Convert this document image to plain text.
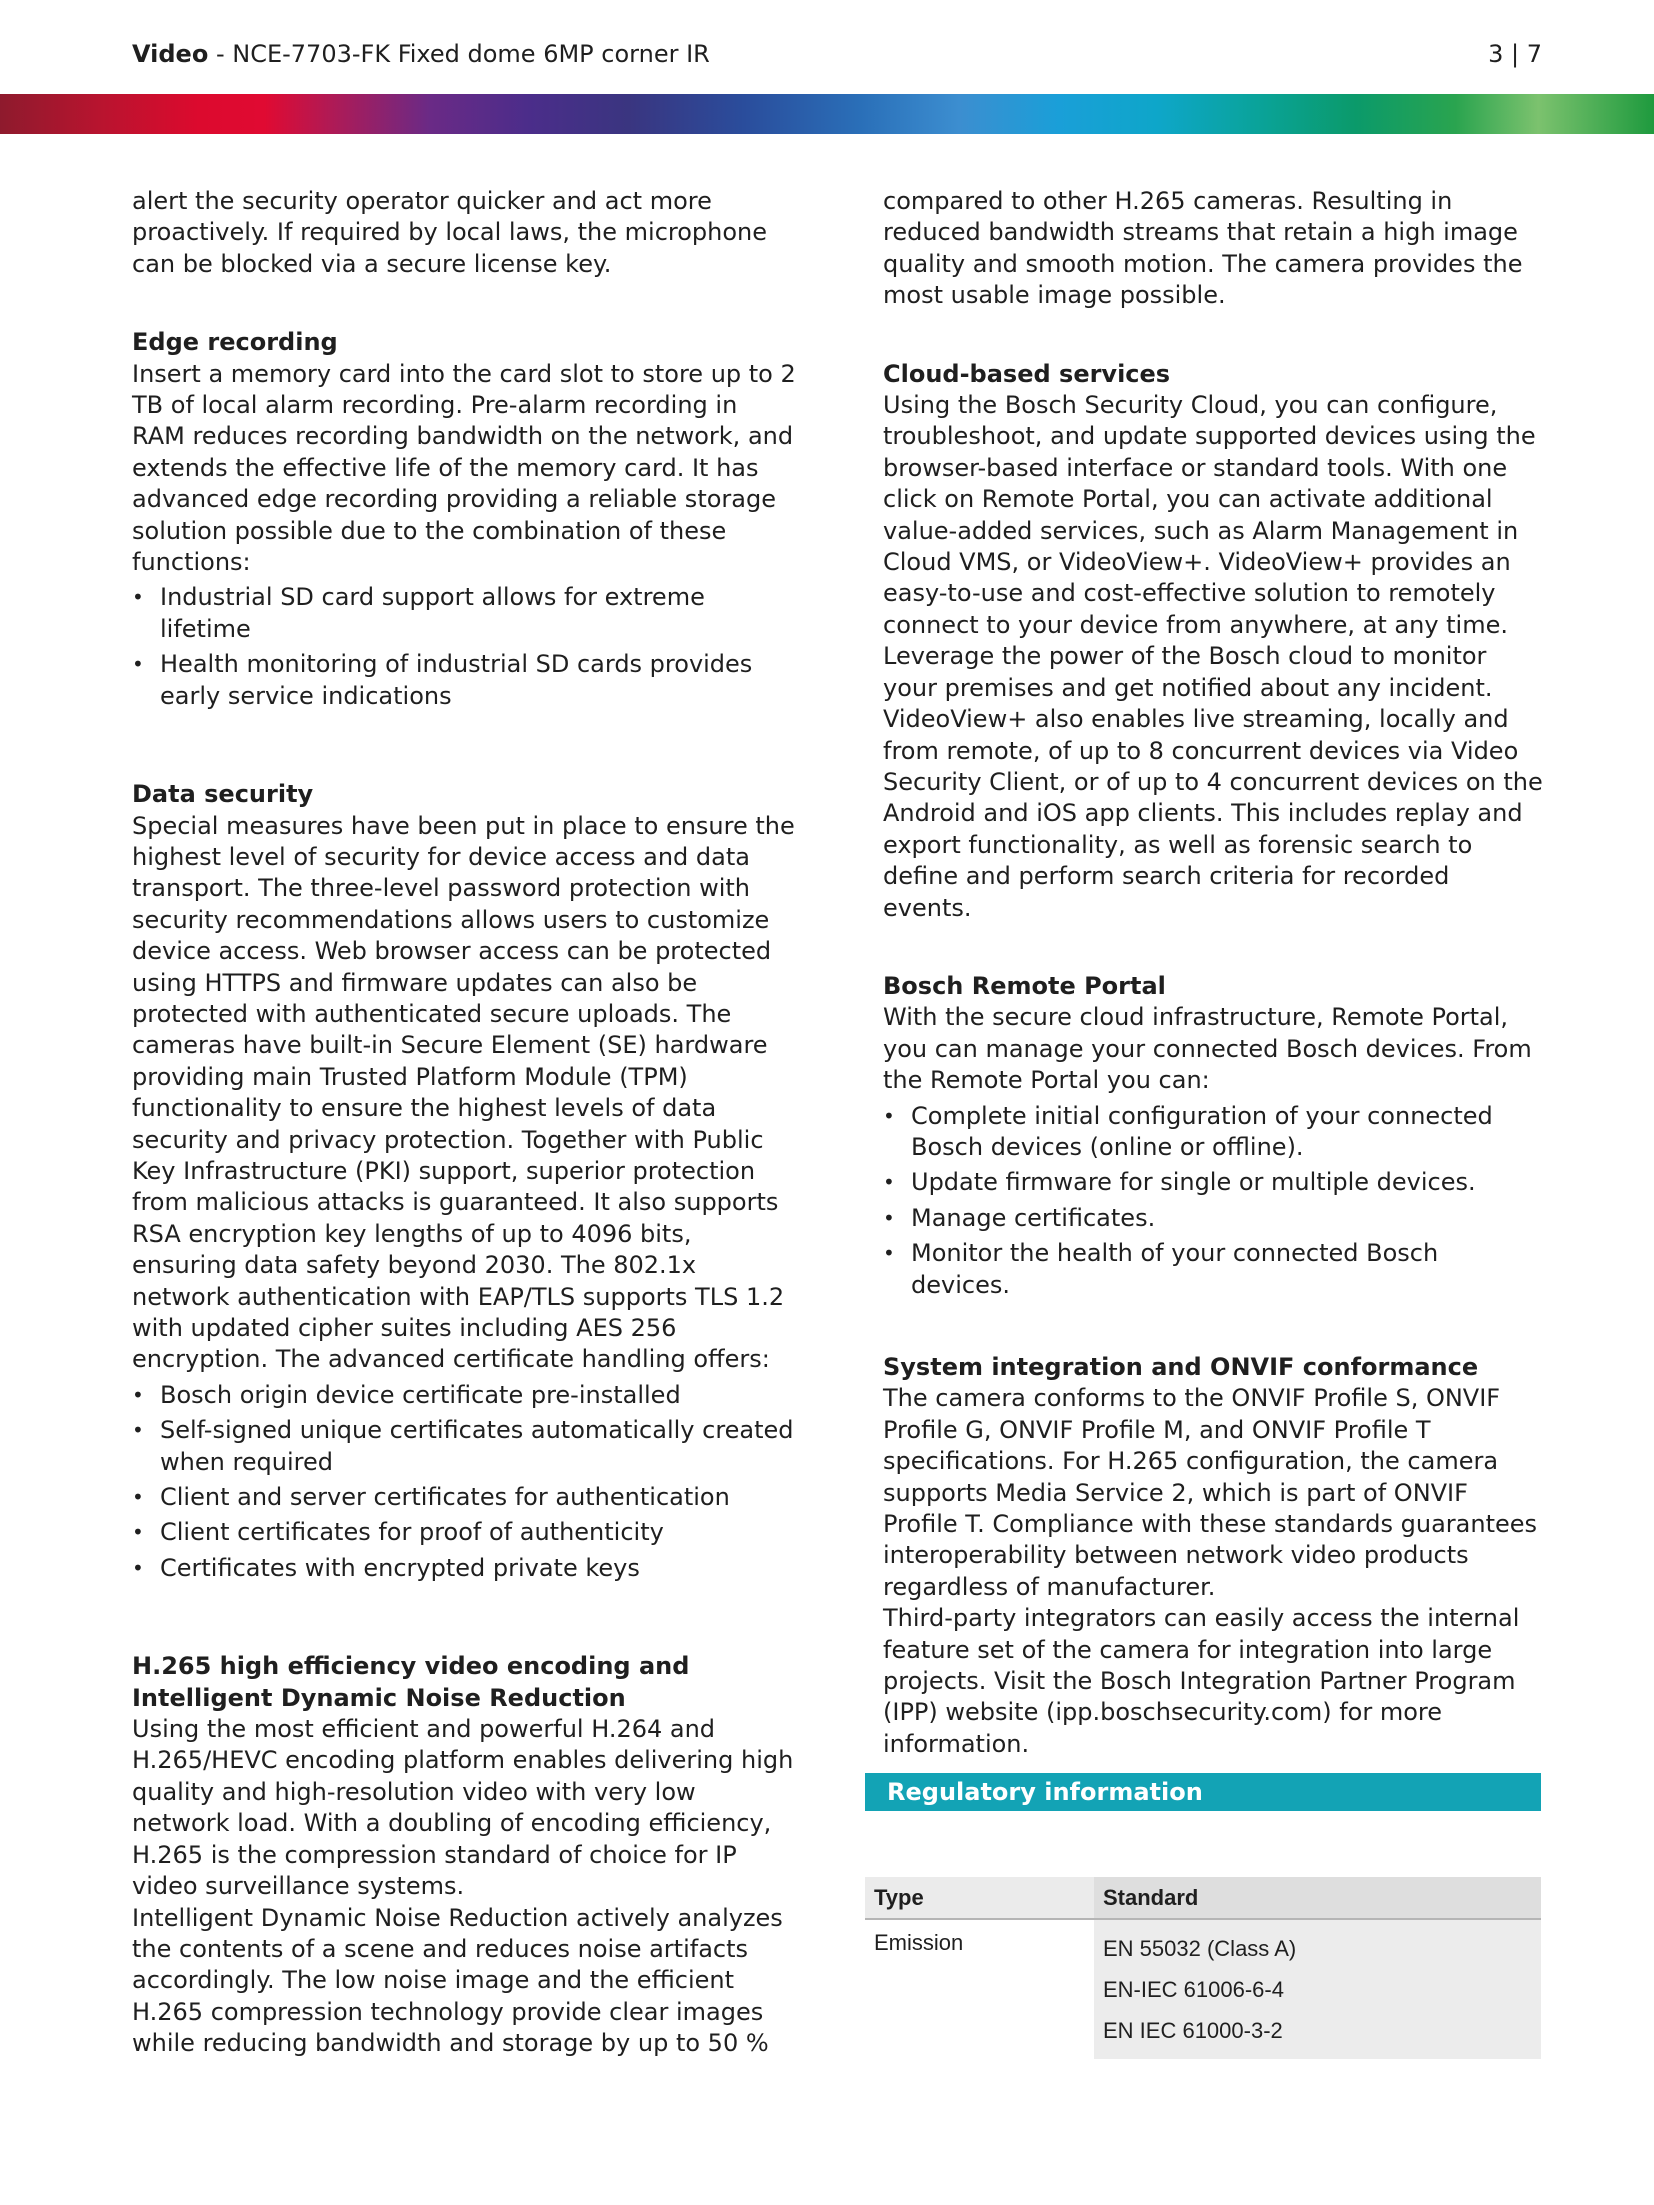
Video - NCE-7703-FK Fixed dome 6MP corner IR	3 | 7

alert the security operator quicker and act more proactively. If required by local laws, the microphone can be blocked via a secure license key.

Edge recording

Insert a memory card into the card slot to store up to 2 TB of local alarm recording. Pre-alarm recording in RAM reduces recording bandwidth on the network, and extends the effective life of the memory card. It has advanced edge recording providing a reliable storage solution possible due to the combination of these functions:

• Industrial SD card support allows for extreme lifetime
• Health monitoring of industrial SD cards provides early service indications
Data security

Special measures have been put in place to ensure the highest level of security for device access and data transport. The three-level password protection with security recommendations allows users to customize device access. Web browser access can be protected using HTTPS and firmware updates can also be protected with authenticated secure uploads. The cameras have built-in Secure Element (SE) hardware providing main Trusted Platform Module (TPM) functionality to ensure the highest levels of data security and privacy protection. Together with Public Key Infrastructure (PKI) support, superior protection from malicious attacks is guaranteed. It also supports RSA encryption key lengths of up to 4096 bits, ensuring data safety beyond 2030. The 802.1x network authentication with EAP/TLS supports TLS 1.2 with updated cipher suites including AES 256 encryption. The advanced certificate handling offers:

• Bosch origin device certificate pre-installed
• Self-signed unique certificates automatically created when required
• Client and server certificates for authentication
• Client certificates for proof of authenticity
• Certificates with encrypted private keys
H.265 high efficiency video encoding and Intelligent Dynamic Noise Reduction

Using the most efficient and powerful H.264 and H.265/HEVC encoding platform enables delivering high quality and high-resolution video with very low network load. With a doubling of encoding efficiency, H.265 is the compression standard of choice for IP video surveillance systems.

Intelligent Dynamic Noise Reduction actively analyzes the contents of a scene and reduces noise artifacts accordingly. The low noise image and the efficient H.265 compression technology provide clear images while reducing bandwidth and storage by up to 50 %

compared to other H.265 cameras. Resulting in reduced bandwidth streams that retain a high image quality and smooth motion. The camera provides the most usable image possible.

Cloud-based services

Using the Bosch Security Cloud, you can configure, troubleshoot, and update supported devices using the browser-based interface or standard tools. With one click on Remote Portal, you can activate additional value-added services, such as Alarm Management in Cloud VMS, or VideoView+. VideoView+ provides an easy-to-use and cost-effective solution to remotely connect to your device from anywhere, at any time. Leverage the power of the Bosch cloud to monitor your premises and get notified about any incident. VideoView+ also enables live streaming, locally and from remote, of up to 8 concurrent devices via Video Security Client, or of up to 4 concurrent devices on the Android and iOS app clients. This includes replay and export functionality, as well as forensic search to define and perform search criteria for recorded events.

Bosch Remote Portal

With the secure cloud infrastructure, Remote Portal, you can manage your connected Bosch devices. From the Remote Portal you can:

• Complete initial configuration of your connected Bosch devices (online or offline).
• Update firmware for single or multiple devices.
• Manage certificates.
• Monitor the health of your connected Bosch devices.
System integration and ONVIF conformance

The camera conforms to the ONVIF Profile S, ONVIF Profile G, ONVIF Profile M, and ONVIF Profile T specifications. For H.265 configuration, the camera supports Media Service 2, which is part of ONVIF Profile T. Compliance with these standards guarantees interoperability between network video products regardless of manufacturer.

Third-party integrators can easily access the internal feature set of the camera for integration into large projects. Visit the Bosch Integration Partner Program (IPP) website (ipp.boschsecurity.com) for more information.

Regulatory information
Type	Standard
Emission	EN 55032 (Class A)
EN-IEC 61006-6-4
EN IEC 61000-3-2
